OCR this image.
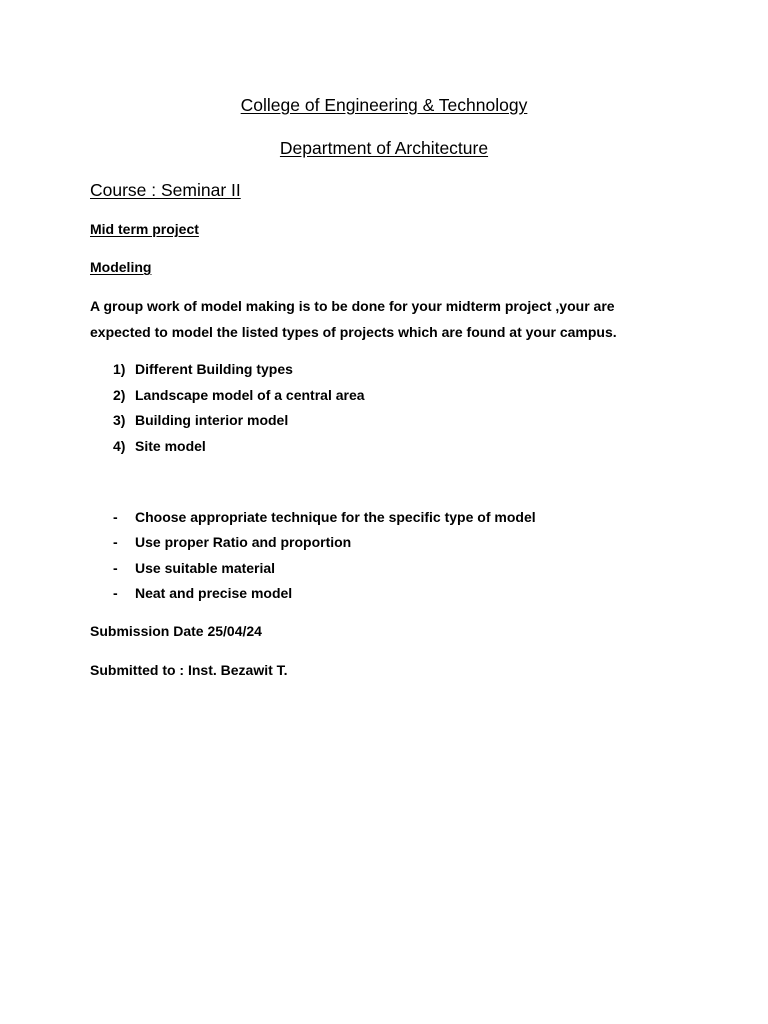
College of Engineering & Technology
Department of Architecture
Course : Seminar II
Mid term project
Modeling
A group work of model making is to be done for your midterm project ,your are
expected to model the listed types of projects which are found at your campus.
1) Different Building types
2) Landscape model of a central area
3) Building interior model
4) Site model
- Choose appropriate technique for the specific type of model
- Use proper Ratio and proportion
- Use suitable material
- Neat and precise model
Submission Date 25/04/24
Submitted to : Inst. Bezawit T.
